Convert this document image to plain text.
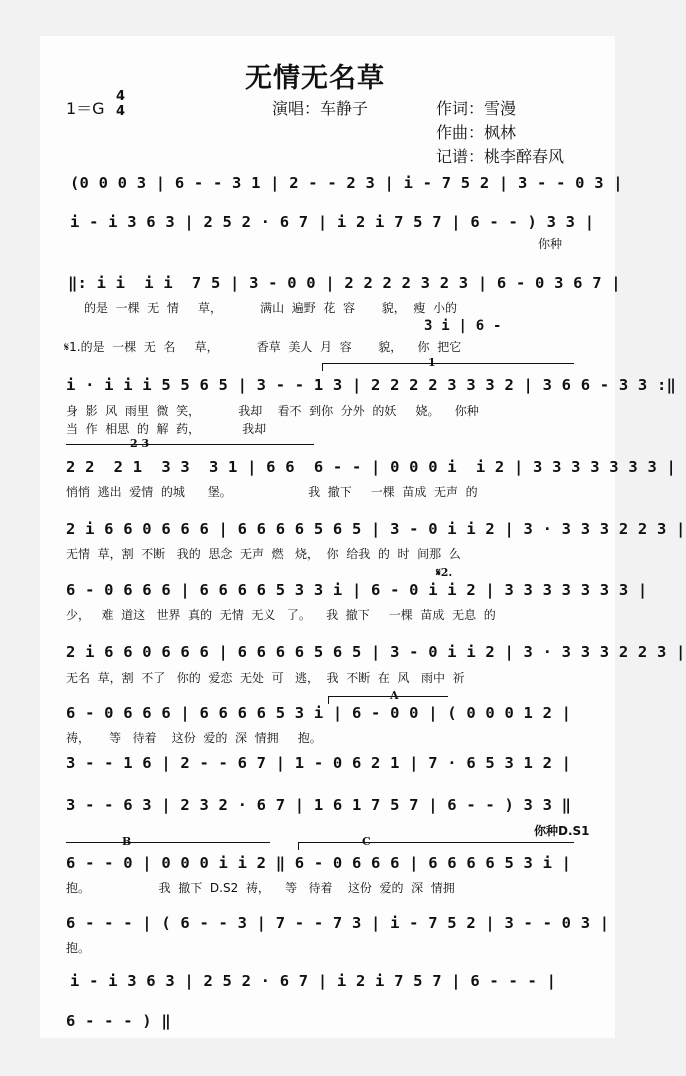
无情无名草
1＝G
4
4	演唱：车静子	作词：雪漫
作曲：枫林
记谱：桃李醉春风
(0 0 0 3 | 6 - - 3 1 | 2 - - 2 3 | i - 7 5 2 | 3 - - 0 3 |
i - i 3 6 3 | 2 5 2 · 6 7 | i 2 i 7 5 7 | 6 - - ) 3 3 |
你种
‖: i i  i i  7 5 | 3 - 0 0 | 2 2 2 2 3 2 3 | 6 - 0 3 6 7 |
的是  一棵  无  情     草，          满山  遍野  花  容       貌，  瘦  小的
3 i | 6 -
𝄋1.的是  一棵  无  名     草，          香草  美人  月  容       貌，    你  把它
1
i · i i i 5 5 6 5 | 3 - - 1 3 | 2 2 2 2 3 3 3 2 | 3 6 6 - 3 3 :‖
身  影  风  雨里  微  笑，          我却    看不  到你  分外  的妖     娆。    你种
当  作  相思  的  解  药，           我却
2 3
2 2  2 1  3 3  3 1 | 6 6  6 - - | 0 0 0 i  i 2 | 3 3 3 3 3 3 3 |
悄悄  逃出  爱情  的城      堡。                    我  撤下     一棵  苗成  无声  的
2 i 6 6 0 6 6 6 | 6 6 6 6 5 6 5 | 3 - 0 i i 2 | 3 · 3 3 3 2 2 3 |
无情  草，割  不断   我的  思念  无声  燃   烧，  你  给我  的  时  间那  么
𝄋2.
6 - 0 6 6 6 | 6 6 6 6 5 3 3 i | 6 - 0 i i 2 | 3 3 3 3 3 3 3 |
少，   难  道这   世界  真的  无情  无义   了。    我  撤下     一棵  苗成  无息  的
2 i 6 6 0 6 6 6 | 6 6 6 6 5 6 5 | 3 - 0 i i 2 | 3 · 3 3 3 2 2 3 |
无名  草，割  不了   你的  爱恋  无处  可   逃，  我  不断  在  风   雨中  祈
A
6 - 0 6 6 6 | 6 6 6 6 5 3 i | 6 - 0 0 | ( 0 0 0 1 2 |
祷，     等   待着    这份  爱的  深  情拥     抱。
3 - - 1 6 | 2 - - 6 7 | 1 - 0 6 2 1 | 7 · 6 5 3 1 2 |
3 - - 6 3 | 2 3 2 · 6 7 | 1 6 1 7 5 7 | 6 - - ) 3 3 ‖
你种D.S1
B	C
6 - - 0 | 0 0 0 i i 2 ‖ 6 - 0 6 6 6 | 6 6 6 6 5 3 i |
抱。                  我  撤下  D.S2  祷，    等   待着    这份  爱的  深  情拥
6 - - - | ( 6 - - 3 | 7 - - 7 3 | i - 7 5 2 | 3 - - 0 3 |
抱。
i - i 3 6 3 | 2 5 2 · 6 7 | i 2 i 7 5 7 | 6 - - - |
6 - - - ) ‖
